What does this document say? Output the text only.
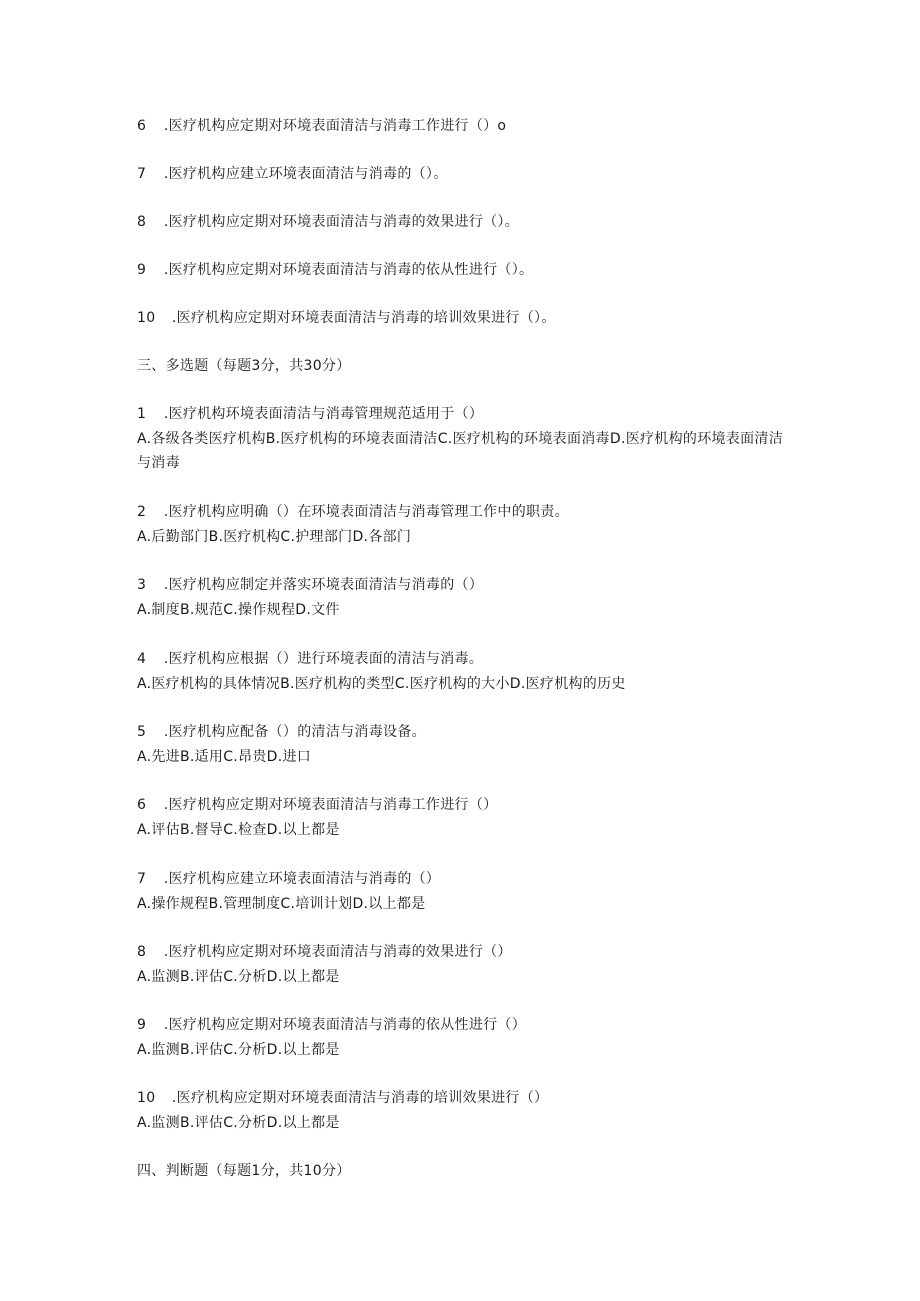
6 .医疗机构应定期对环境表面清洁与消毒工作进行（）o
7 .医疗机构应建立环境表面清洁与消毒的（）。
8 .医疗机构应定期对环境表面清洁与消毒的效果进行（）。
9 .医疗机构应定期对环境表面清洁与消毒的依从性进行（）。
10 .医疗机构应定期对环境表面清洁与消毒的培训效果进行（）。
三、多选题（每题3分，共30分）
1 .医疗机构环境表面清洁与消毒管理规范适用于（）
A.各级各类医疗机构B.医疗机构的环境表面清洁C.医疗机构的环境表面消毒D.医疗机构的环境表面清洁与消毒
2 .医疗机构应明确（）在环境表面清洁与消毒管理工作中的职责。
A.后勤部门B.医疗机构C.护理部门D.各部门
3 .医疗机构应制定并落实环境表面清洁与消毒的（）
A.制度B.规范C.操作规程D.文件
4 .医疗机构应根据（）进行环境表面的清洁与消毒。
A.医疗机构的具体情况B.医疗机构的类型C.医疗机构的大小D.医疗机构的历史
5 .医疗机构应配备（）的清洁与消毒设备。
A.先进B.适用C.昂贵D.进口
6 .医疗机构应定期对环境表面清洁与消毒工作进行（）
A.评估B.督导C.检查D.以上都是
7 .医疗机构应建立环境表面清洁与消毒的（）
A.操作规程B.管理制度C.培训计划D.以上都是
8 .医疗机构应定期对环境表面清洁与消毒的效果进行（）
A.监测B.评估C.分析D.以上都是
9 .医疗机构应定期对环境表面清洁与消毒的依从性进行（）
A.监测B.评估C.分析D.以上都是
10 .医疗机构应定期对环境表面清洁与消毒的培训效果进行（）
A.监测B.评估C.分析D.以上都是
四、判断题（每题1分，共10分）
